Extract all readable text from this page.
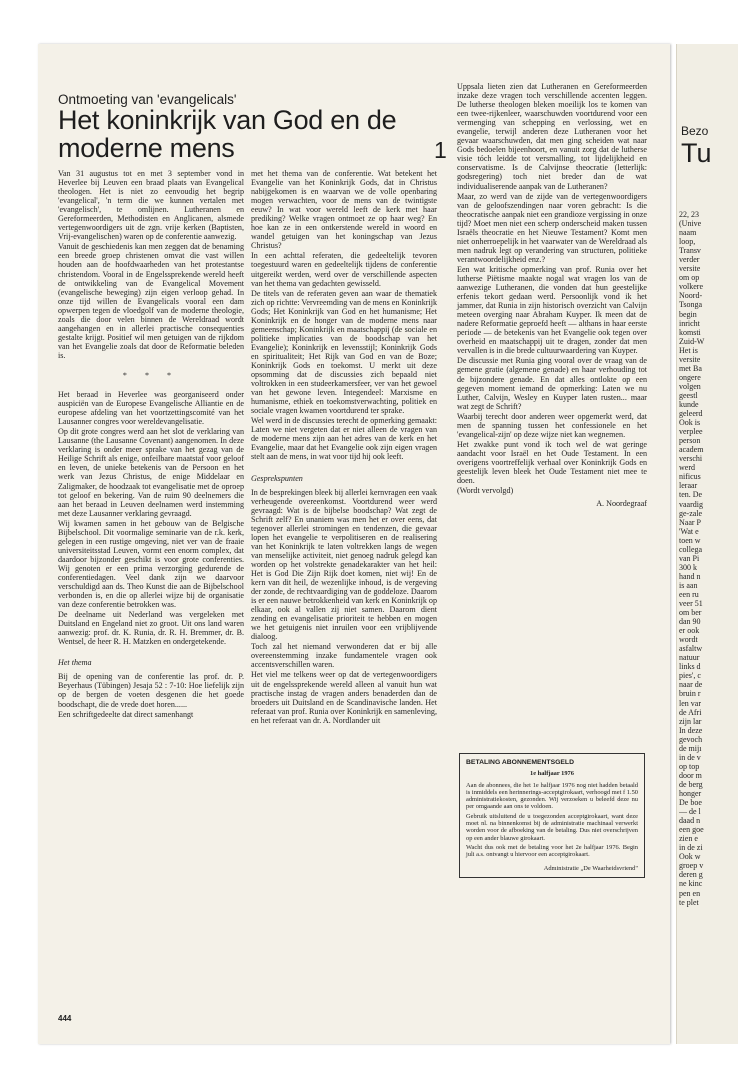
Ontmoeting van 'evangelicals'
Het koninkrijk van God en de moderne mens	1

Van 31 augustus tot en met 3 september vond in Heverlee bij Leuven een braad plaats van Evangelical theologen. Het is niet zo eenvoudig het begrip 'evangelical', 'n term die we kunnen vertalen met 'evangelisch', te omlijnen. Lutheranen en Gereformeerden, Methodisten en Anglicanen, alsmede vertegenwoordigers uit de zgn. vrije kerken (Baptisten, Vrij-evangelischen) waren op de conferentie aanwezig.

Vanuit de geschiedenis kan men zeggen dat de benaming een breede groep christenen omvat die vast willen houden aan de hoofdwaarheden van het protestantse christendom. Vooral in de Engelssprekende wereld heeft de ontwikkeling van de Evangelical Movement (evangelische beweging) zijn eigen verloop gehad. In onze tijd willen de Evangelicals vooral een dam opwerpen tegen de vloedgolf van de moderne theologie, zoals die door velen binnen de Wereldraad wordt aangehangen en in allerlei practische consequenties gestalte krijgt. Positief wil men getuigen van de rijkdom van het Evangelie zoals dat door de Reformatie beleden is.

* * *

Het beraad in Heverlee was georganiseerd onder auspiciën van de Europese Evangelische Alliantie en de europese afdeling van het voortzettingscomité van het Lausanner congres voor wereldevangelisatie.

Op dit grote congres werd aan het slot de verklaring van Lausanne (the Lausanne Covenant) aangenomen. In deze verklaring is onder meer sprake van het gezag van de Heilige Schrift als enige, onfeilbare maatstaf voor geloof en leven, de unieke betekenis van de Persoon en het werk van Jezus Christus, de enige Middelaar en Zaligmaker, de hoodzaak tot evangelisatie met de oproep tot geloof en bekering. Van de ruim 90 deelnemers die aan het beraad in Leuven deelnamen werd instemming met deze Lausanner verklaring gevraagd.

Wij kwamen samen in het gebouw van de Belgische Bijbelschool. Dit voormalige seminarie van de r.k. kerk, gelegen in een rustige omgeving, niet ver van de fraaie universiteitsstad Leuven, vormt een enorm complex, dat daardoor bijzonder geschikt is voor grote conferenties. Wij genoten er een prima verzorging gedurende de conferentiedagen. Veel dank zijn we daarvoor verschuldigd aan ds. Theo Kunst die aan de Bijbelschool verbonden is, en die op allerlei wijze bij de organisatie van deze conferentie betrokken was.

De deelname uit Nederland was vergeleken met Duitsland en Engeland niet zo groot. Uit ons land waren aanwezig: prof. dr. K. Runia, dr. R. H. Bremmer, dr. B. Wentsel, de heer R. H. Matzken en ondergetekende.

Het thema

Bij de opening van de conferentie las prof. dr. P. Beyerhaus (Tübingen) Jesaja 52 : 7-10: Hoe liefelijk zijn op de bergen de voeten desgenen die het goede boodschapt, die de vrede doet horen......

Een schriftgedeelte dat direct samenhangt

met het thema van de conferentie. Wat betekent het Evangelie van het Koninkrijk Gods, dat in Christus nabijgekomen is en waarvan we de volle openbaring mogen verwachten, voor de mens van de twintigste eeuw? In wat voor wereld leeft de kerk met haar prediking? Welke vragen ontmoet ze op haar weg? En hoe kan ze in een ontkerstende wereld in woord en wandel getuigen van het koningschap van Jezus Christus?

In een achttal referaten, die gedeeltelijk tevoren toegestuurd waren en gedeeltelijk tijdens de conferentie uitgereikt werden, werd over de verschillende aspecten van het thema van gedachten gewisseld.

De titels van de referaten geven aan waar de thematiek zich op richtte: Vervreemding van de mens en Koninkrijk Gods; Het Koninkrijk van God en het humanisme; Het Koninkrijk en de honger van de moderne mens naar gemeenschap; Koninkrijk en maatschappij (de sociale en politieke implicaties van de boodschap van het Evangelie); Koninkrijk en levensstijl; Koninkrijk Gods en spiritualiteit; Het Rijk van God en van de Boze; Koninkrijk Gods en toekomst. U merkt uit deze opsomming dat de discussies zich bepaald niet voltrokken in een studeerkamersfeer, ver van het gewoel van het gewone leven. Integendeel: Marxisme en humanisme, ethiek en toekomstverwachting, politiek en sociale vragen kwamen voortdurend ter sprake.

Wel werd in de discussies terecht de opmerking gemaakt: Laten we niet vergeten dat er niet alleen de vragen van de moderne mens zijn aan het adres van de kerk en het Evangelie, maar dat het Evangelie ook zijn eigen vragen stelt aan de mens, in wat voor tijd hij ook leeft.

Gesprekspunten

In de besprekingen bleek bij allerlei kernvragen een vaak verheugende overeenkomst. Voortdurend weer werd gevraagd: Wat is de bijbelse boodschap? Wat zegt de Schrift zelf? En unaniem was men het er over eens, dat tegenover allerlei stromingen en tendenzen, die gevaar lopen het evangelie te verpolitiseren en de realisering van het Koninkrijk te laten voltrekken langs de wegen van menselijke activiteit, niet genoeg nadruk gelegd kan worden op het volstrekte genadekarakter van het heil: Het is God Die Zijn Rijk doet komen, niet wij! En de kern van dit heil, de wezenlijke inhoud, is de vergeving der zonde, de rechtvaardiging van de goddeloze. Daarom is er een nauwe betrokkenheid van kerk en Koninkrijk op elkaar, ook al vallen zij niet samen. Daarom dient zending en evangelisatie prioriteit te hebben en mogen we het getuigenis niet inruilen voor een vrijblijvende dialoog.

Toch zal het niemand verwonderen dat er bij alle overeenstemming inzake fundamentele vragen ook accentsverschillen waren.

Het viel me telkens weer op dat de vertegenwoordigers uit de engelssprekende wereld alleen al vanuit hun wat practische instag de vragen anders benaderden dan de broeders uit Duitsland en de Scandinavische landen. Het referaat van prof. Runia over Koninkrijk en samenleving, en het referaat van dr. A. Nordlander uit

Uppsala lieten zien dat Lutheranen en Gereformeerden inzake deze vragen toch verschillende accenten leggen. De lutherse theologen bleken moeilijk los te komen van een twee-rijkenleer, waarschuwden voortdurend voor een vermenging van schepping en verlossing, wet en evangelie, terwijl anderen deze Lutheranen voor het gevaar waarschuwden, dat men ging scheiden wat naar Gods bedoelen bijeenhoort, en vanuit zorg dat de lutherse visie tóch leidde tot versmalling, tot lijdelijkheid en conservatisme. Is de Calvijnse theocratie (letterlijk: godsregering) toch niet breder dan de wat individualiserende aanpak van de Lutheranen?

Maar, zo werd van de zijde van de vertegenwoordigers van de geloofszendingen naar voren gebracht: Is die theocratische aanpak niet een grandioze vergissing in onze tijd? Moet men niet een scherp onderscheid maken tussen Israëls theocratie en het Nieuwe Testament? Komt men niet onherroepelijk in het vaarwater van de Wereldraad als men nadruk legt op verandering van structuren, politieke verantwoordelijkheid enz.?

Een wat kritische opmerking van prof. Runia over het lutherse Piëtisme maakte nogal wat vragen los van de aanwezige Lutheranen, die vonden dat hun geestelijke erfenis tekort gedaan werd. Persoonlijk vond ik het jammer, dat Runia in zijn historisch overzicht van Calvijn meteen overging naar Abraham Kuyper. Ik meen dat de nadere Reformatie geproefd heeft — althans in haar eerste periode — de betekenis van het Evangelie ook tegen over overheid en maatschappij uit te dragen, zonder dat men vervallen is in die brede cultuurwaardering van Kuyper.

De discussie met Runia ging vooral over de vraag van de gemene gratie (algemene genade) en haar verhouding tot de bijzondere genade. En dat alles ontlokte op een gegeven moment iemand de opmerking: Laten we nu Luther, Calvijn, Wesley en Kuyper laten rusten... maar wat zegt de Schrift?

Waarbij terecht door anderen weer opgemerkt werd, dat men de spanning tussen het confessionele en het 'evangelical-zijn' op deze wijze niet kan wegnemen.

Het zwakke punt vond ik toch wel de wat geringe aandacht voor Israël en het Oude Testament. In een overigens voortreffelijk verhaal over Koninkrijk Gods en geestelijk leven bleek het Oude Testament niet mee te doen.

(Wordt vervolgd)

A. Noordegraaf

BETALING ABONNEMENTSGELD
1e halfjaar 1976

Aan de abonnees, die het 1e halfjaar 1976 nog niet hadden betaald is inmiddels een herinnerings-acceptgirokaart, verhoogd met f 1.50 administratiekosten, gezonden. Wij verzoeken u beleefd deze nu per omgaande aan ons te voldoen.

Gebruik uitsluitend de u toegezonden acceptgirokaart, want deze moet nl. na binnenkomst bij de administratie machinaal verwerkt worden voor de afboeking van de betaling. Dus niet overschrijven op een ander blauwe girokaart.

Wacht dus ook met de betaling voor het 2e halfjaar 1976. Begin juli a.s. ontvangt u hiervoor een acceptgirokaart.

Administratie „De Waarheidsvriend"

444
Bezo
Tu
22, 23
(Unive
naam
loop,
Transv
verder
versite
om op
volkere
Noord-
Tsonga
begin
inricht
komsti
Zuid-W
Het is
versite
met Ba
ongere
volgen
geestl
kunde
geleerd
Ook is
verplee
person
academ
verschi
werd
nificus
leraar
ten. De
vaardig
ge-zale
Naar P
'Wat e
toen w
collega
van Pi
300 k
hand n
is aan
een ru
veer 51
om ber
dan 90
er ook
wordt
asfaltw
natuur
links d
pies', c
naar de
bruin r
len var
de Afri
zijn lar
In deze
gevoch
de mijı
in de v
op top
door m
de berg
honger
De boe
— de l
daad n
een goe
zien e
in de zi
Ook w
groep v
deren g
ne kinc
pen en
te plet
